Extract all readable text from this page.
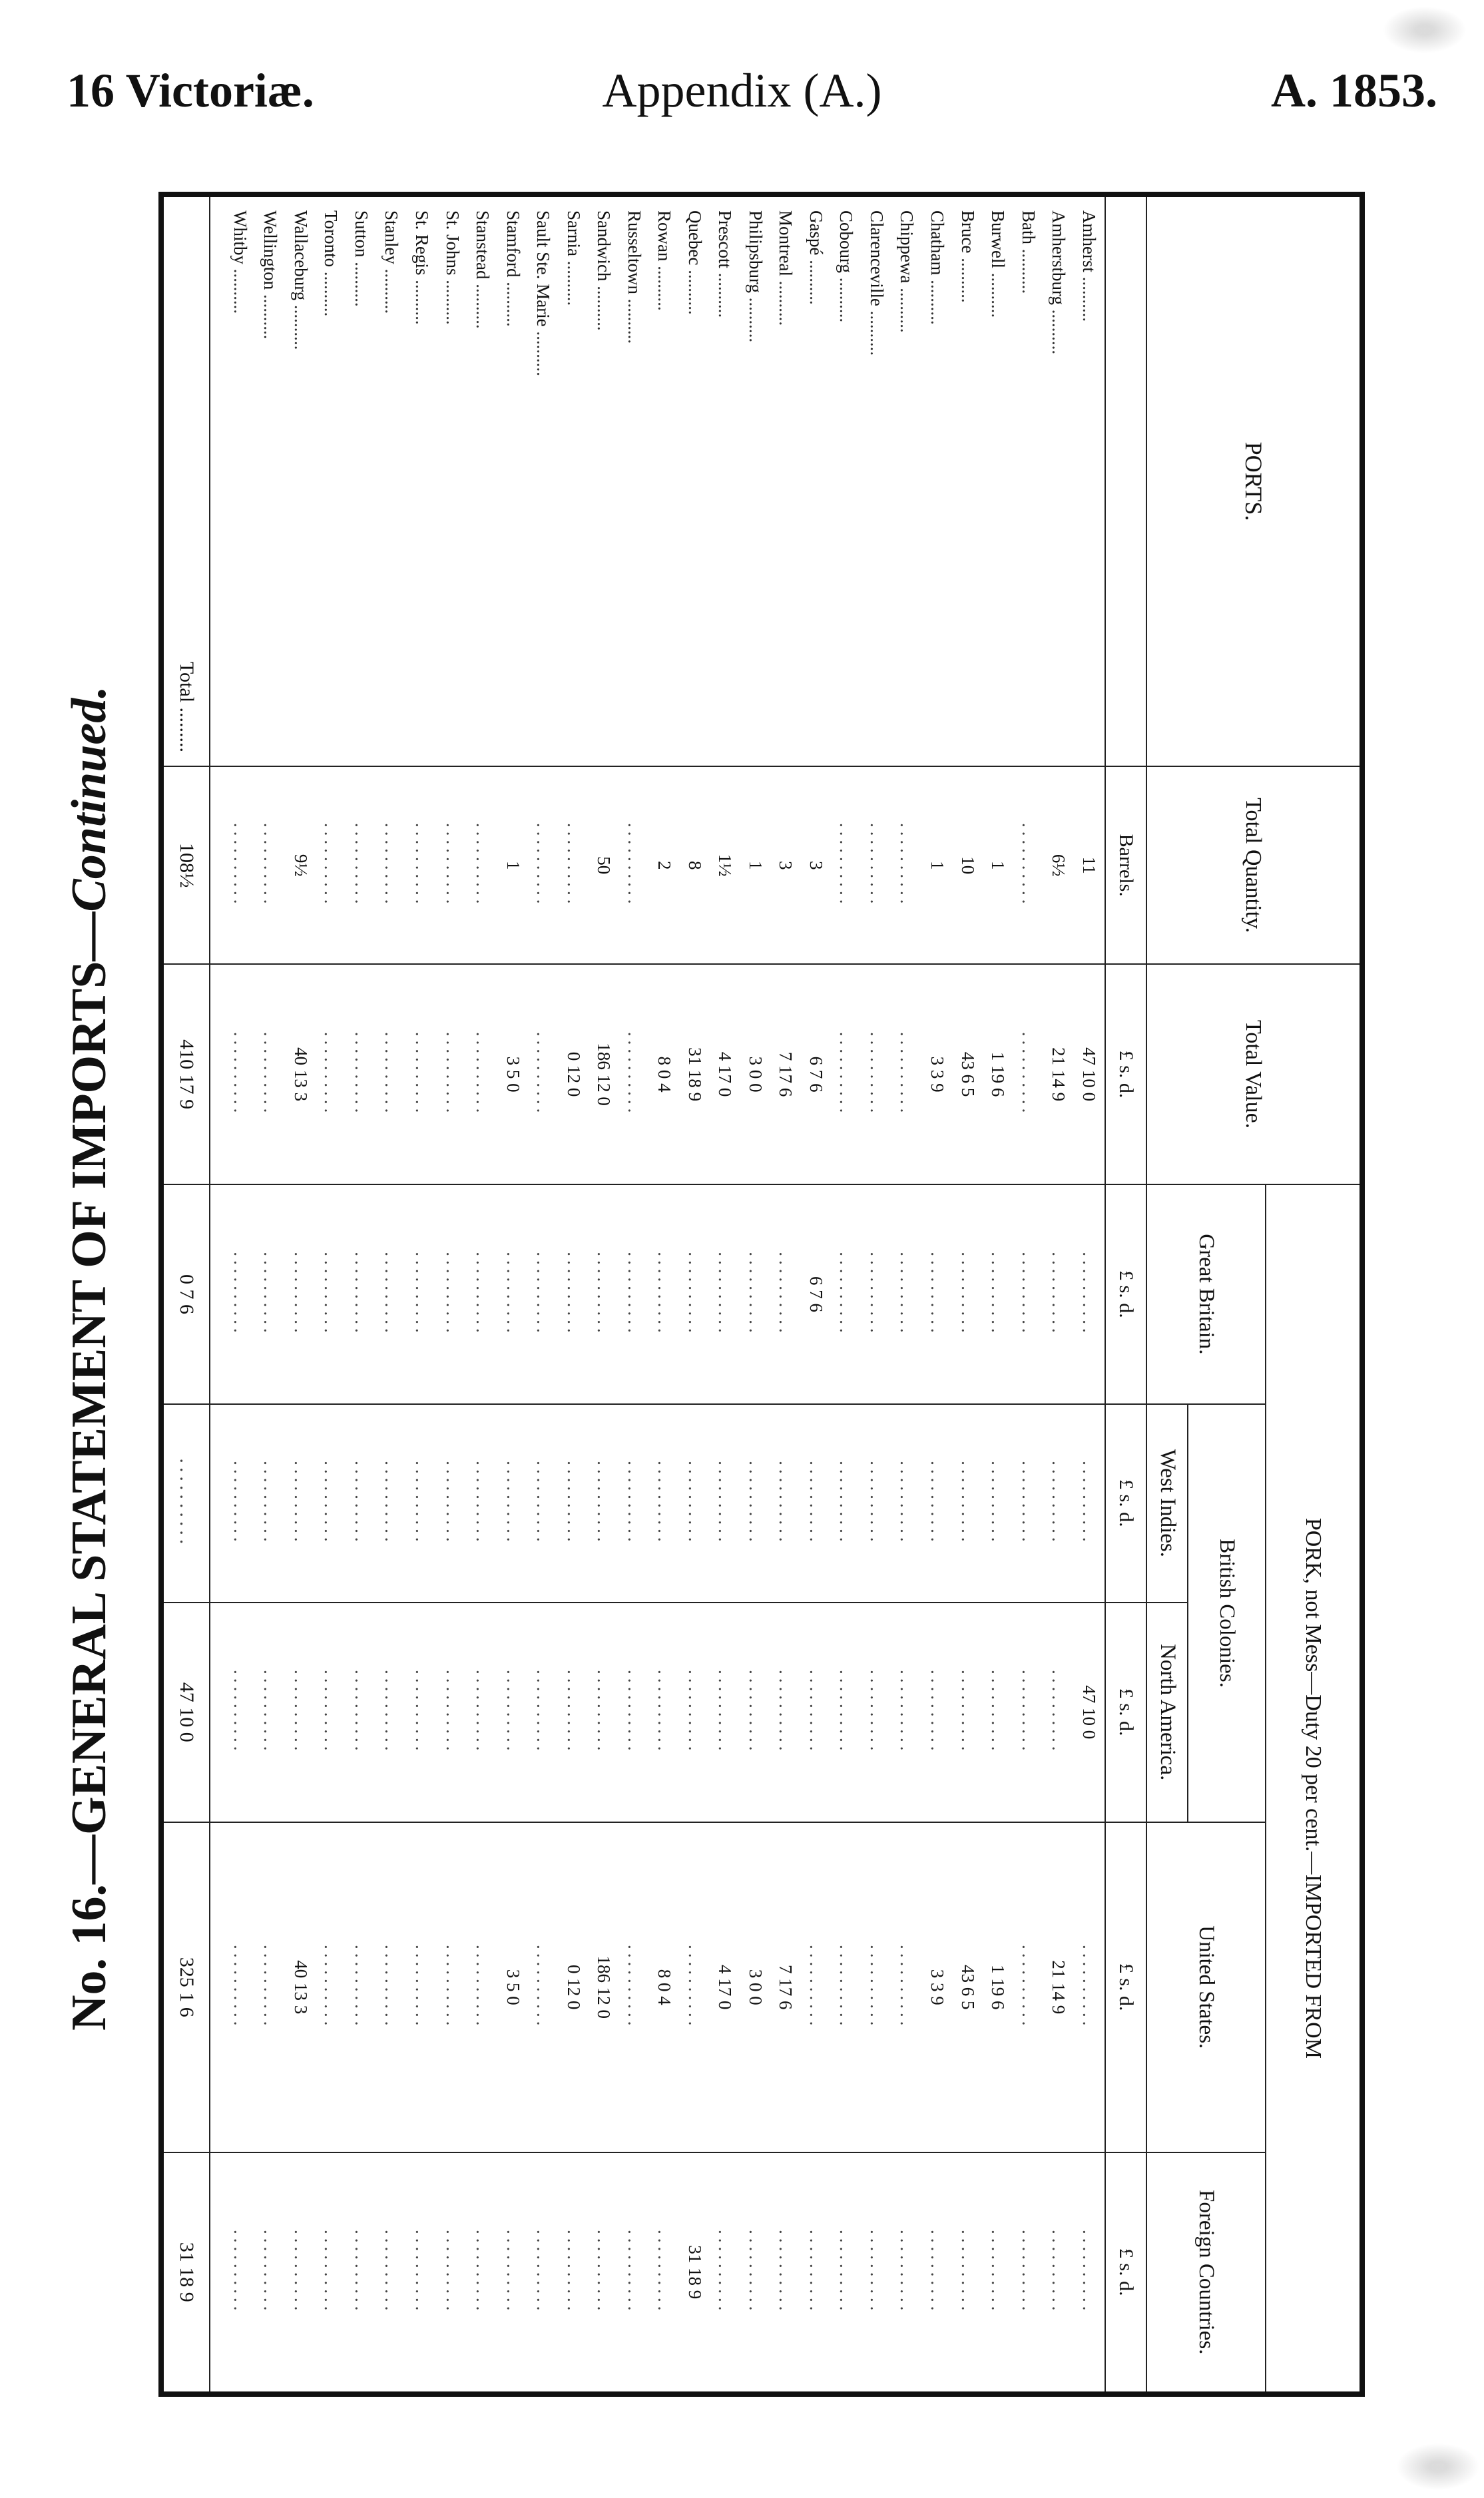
16 Victoriæ.	Appendix (A.)	A. 1853.
No. 16.—GENERAL STATEMENT OF IMPORTS—Continued.
PORTS.	Total Quantity.	Total Value.	PORK, not Mess—Duty 20 per cent.—IMPORTED FROM				
			Great Britain.	British Colonies.		United States.	Foreign Countries.
				West Indies.	North America.		
	Barrels.	£ s. d.	£ s. d.	£ s. d.	£ s. d.	£ s. d.	£ s. d.
Amherst ..........	11	47 10 0	..........	..........	47 10 0	..........	..........
Amherstburg ..........	6½	21 14 9	..........	..........	..........	21 14 9	..........
Bath ..........	..........	..........	..........	..........	..........	..........	..........
Burwell ..........	1	1 19 6	..........	..........	..........	1 19 6	..........
Bruce ..........	10	43 6 5	..........	..........	..........	43 6 5	..........
Chatham ..........	1	3 3 9	..........	..........	..........	3 3 9	..........
Chippewa ..........	..........	..........	..........	..........	..........	..........	..........
Clarenceville ..........	..........	..........	..........	..........	..........	..........	..........
Cobourg ..........	..........	..........	..........	..........	..........	..........	..........
Gaspé ..........	3	6 7 6	6 7 6	..........	..........	..........	..........
Montreal ..........	3	7 17 6	..........	..........	..........	7 17 6	..........
Philipsburg ..........	1	3 0 0	..........	..........	..........	3 0 0	..........
Prescott ..........	1½	4 17 0	..........	..........	..........	4 17 0	..........
Quebec ..........	8	31 18 9	..........	..........	..........	..........	31 18 9
Rowan ..........	2	8 0 4	..........	..........	..........	8 0 4	..........
Russeltown ..........	..........	..........	..........	..........	..........	..........	..........
Sandwich ..........	50	186 12 0	..........	..........	..........	186 12 0	..........
Sarnia ..........	..........	0 12 0	..........	..........	..........	0 12 0	..........
Sault Ste. Marie ..........	..........	..........	..........	..........	..........	..........	..........
Stamford ..........	1	3 5 0	..........	..........	..........	3 5 0	..........
Stanstead ..........	..........	..........	..........	..........	..........	..........	..........
St. Johns ..........	..........	..........	..........	..........	..........	..........	..........
St. Regis ..........	..........	..........	..........	..........	..........	..........	..........
Stanley ..........	..........	..........	..........	..........	..........	..........	..........
Sutton ..........	..........	..........	..........	..........	..........	..........	..........
Toronto ..........	..........	..........	..........	..........	..........	..........	..........
Wallaceburg ..........	9½	40 13 3	..........	..........	..........	40 13 3	..........
Wellington ..........	..........	..........	..........	..........	..........	..........	..........
Whitby ..........	..........	..........	..........	..........	..........	..........	..........

Total .........	108½	410 17 9	0 7 6	..........	47 10 0	325 1 6	31 18 9
